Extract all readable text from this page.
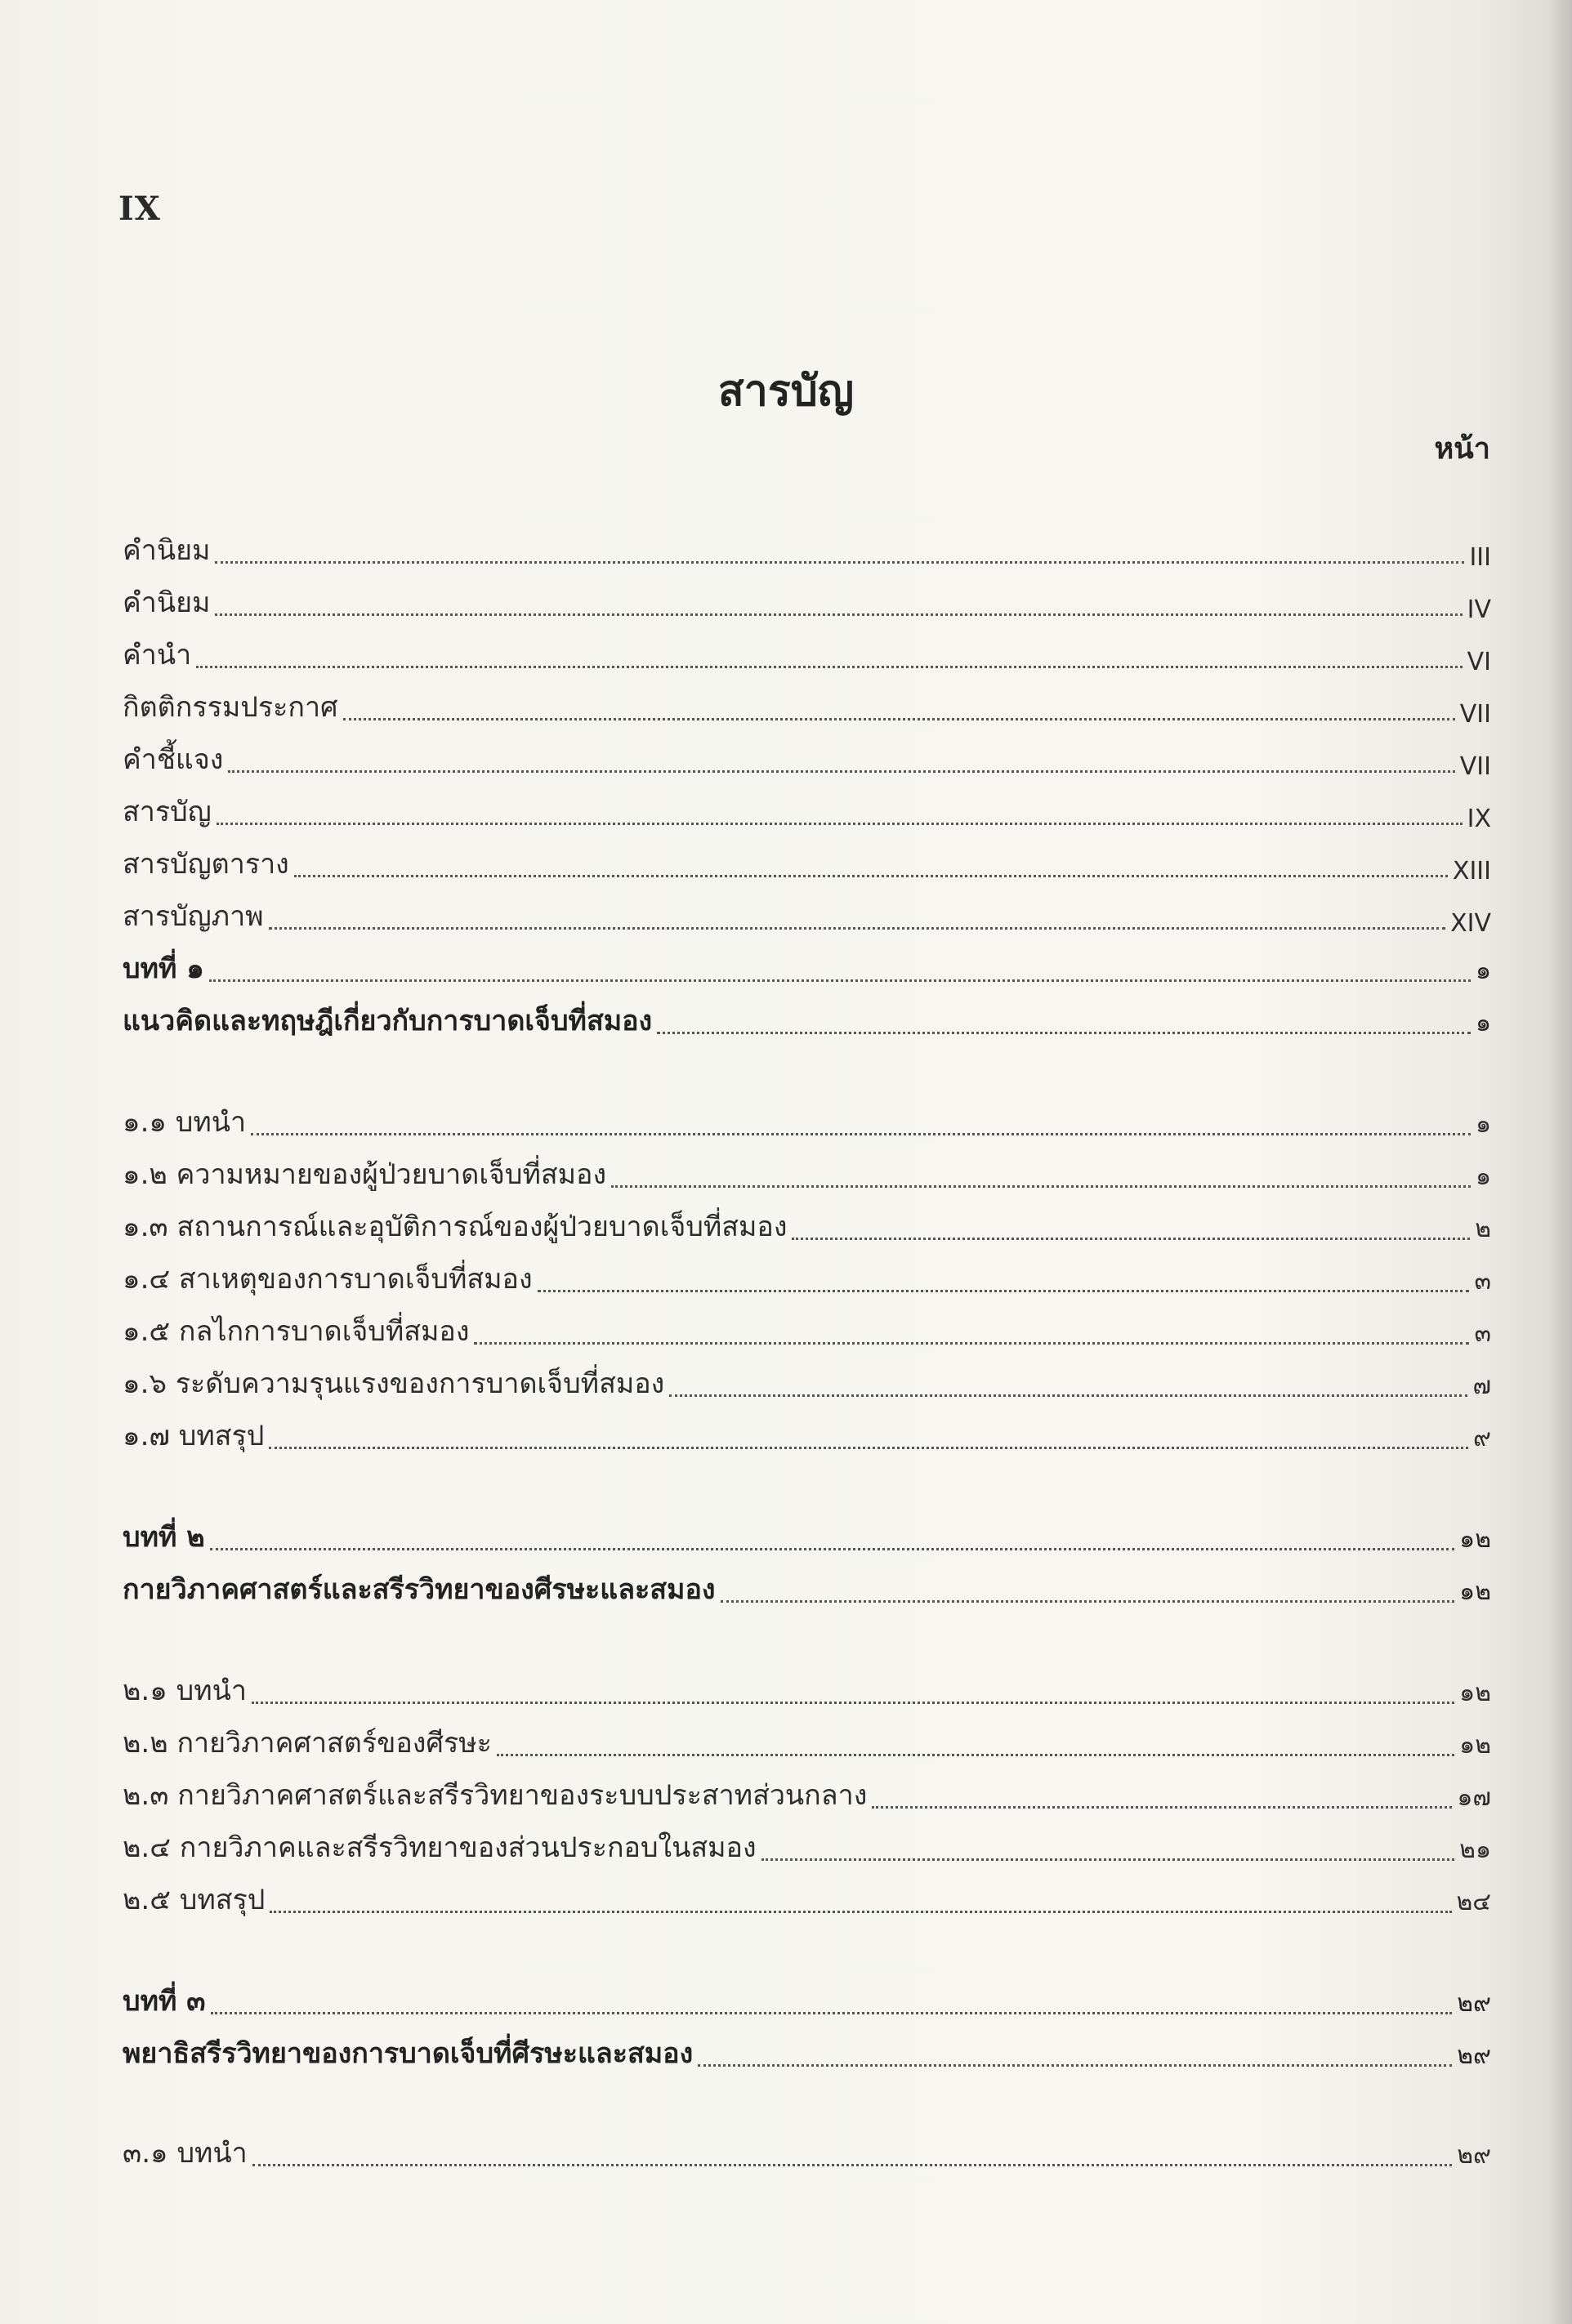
IX
สารบัญ
หน้า
คำนิยม	III
คำนิยม	IV
คำนำ	VI
กิตติกรรมประกาศ	VII
คำชี้แจง	VII
สารบัญ	IX
สารบัญตาราง	XIII
สารบัญภาพ	XIV
บทที่ ๑	๑
แนวคิดและทฤษฎีเกี่ยวกับการบาดเจ็บที่สมอง	๑
๑.๑ บทนำ	๑
๑.๒ ความหมายของผู้ป่วยบาดเจ็บที่สมอง	๑
๑.๓ สถานการณ์และอุบัติการณ์ของผู้ป่วยบาดเจ็บที่สมอง	๒
๑.๔ สาเหตุของการบาดเจ็บที่สมอง	๓
๑.๕ กลไกการบาดเจ็บที่สมอง	๓
๑.๖ ระดับความรุนแรงของการบาดเจ็บที่สมอง	๗
๑.๗ บทสรุป	๙
บทที่ ๒	๑๒
กายวิภาคศาสตร์และสรีรวิทยาของศีรษะและสมอง	๑๒
๒.๑ บทนำ	๑๒
๒.๒ กายวิภาคศาสตร์ของศีรษะ	๑๒
๒.๓ กายวิภาคศาสตร์และสรีรวิทยาของระบบประสาทส่วนกลาง	๑๗
๒.๔ กายวิภาคและสรีรวิทยาของส่วนประกอบในสมอง	๒๑
๒.๕ บทสรุป	๒๔
บทที่ ๓	๒๙
พยาธิสรีรวิทยาของการบาดเจ็บที่ศีรษะและสมอง	๒๙
๓.๑ บทนำ	๒๙
